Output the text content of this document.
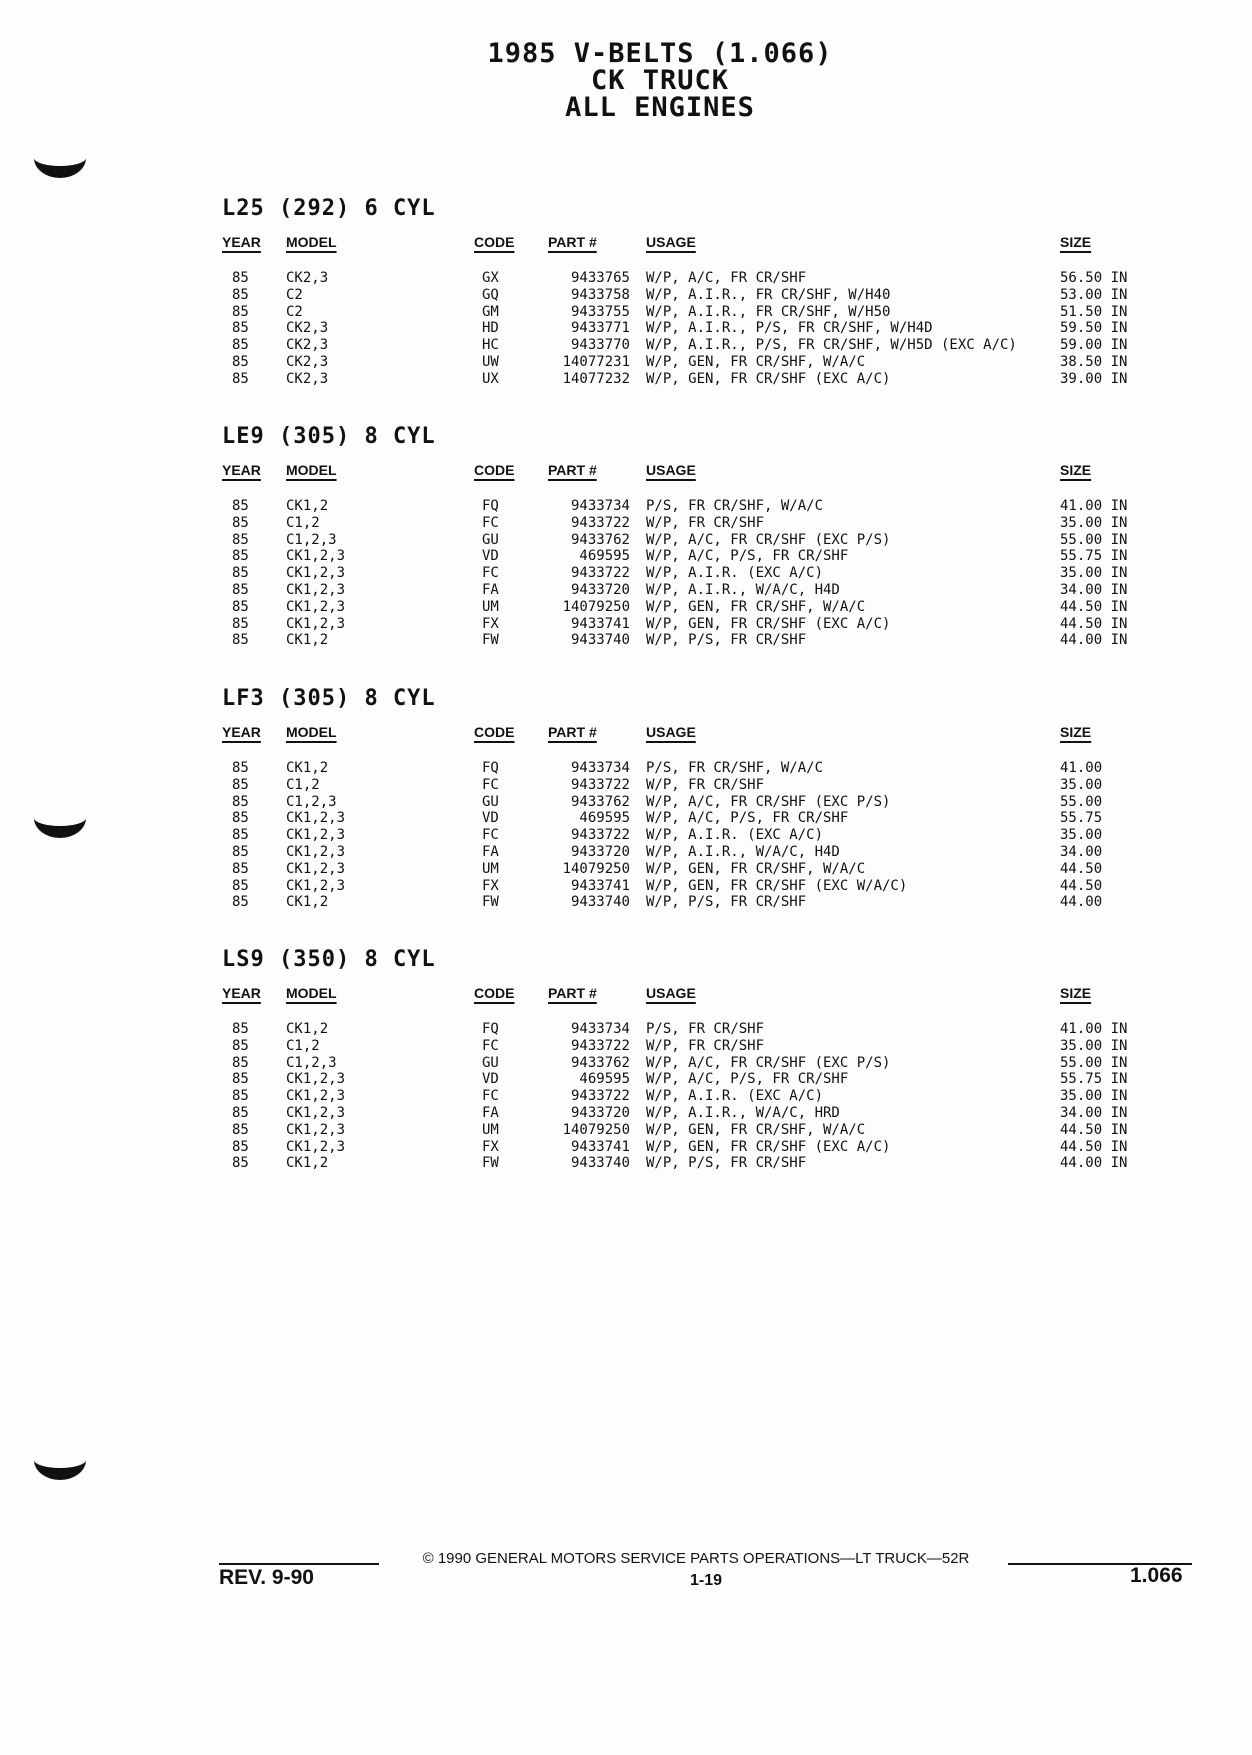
1985 V-BELTS (1.066)
CK TRUCK
ALL ENGINES
L25 (292) 6 CYL
YEAR MODEL	CODE PART #	USAGE	SIZE
85	CK2,3	GX	9433765 W/P, A/C, FR CR/SHF	56.50 IN
85	C2	GQ	9433758 W/P, A.I.R., FR CR/SHF, W/H40	53.00 IN
85	C2	GM	9433755 W/P, A.I.R., FR CR/SHF, W/H50	51.50 IN
85	CK2,3	HD	9433771 W/P, A.I.R., P/S, FR CR/SHF, W/H4D	59.50 IN
85	CK2,3	HC	9433770 W/P, A.I.R., P/S, FR CR/SHF, W/H5D (EXC A/C)	59.00 IN
85	CK2,3	UW	14077231 W/P, GEN, FR CR/SHF, W/A/C	38.50 IN
85	CK2,3	UX	14077232 W/P, GEN, FR CR/SHF (EXC A/C)	39.00 IN
LE9 (305) 8 CYL
YEAR MODEL	CODE PART #	USAGE	SIZE
85	CK1,2	FQ	9433734 P/S, FR CR/SHF, W/A/C	41.00 IN
85	C1,2	FC	9433722 W/P, FR CR/SHF	35.00 IN
85	C1,2,3	GU	9433762 W/P, A/C, FR CR/SHF (EXC P/S)	55.00 IN
85	CK1,2,3	VD	469595 W/P, A/C, P/S, FR CR/SHF	55.75 IN
85	CK1,2,3	FC	9433722 W/P, A.I.R. (EXC A/C)	35.00 IN
85	CK1,2,3	FA	9433720 W/P, A.I.R., W/A/C, H4D	34.00 IN
85	CK1,2,3	UM	14079250 W/P, GEN, FR CR/SHF, W/A/C	44.50 IN
85	CK1,2,3	FX	9433741 W/P, GEN, FR CR/SHF (EXC A/C)	44.50 IN
85	CK1,2	FW	9433740 W/P, P/S, FR CR/SHF	44.00 IN
LF3 (305) 8 CYL
YEAR MODEL	CODE PART #	USAGE	SIZE
85	CK1,2	FQ	9433734 P/S, FR CR/SHF, W/A/C	41.00
85	C1,2	FC	9433722 W/P, FR CR/SHF	35.00
85	C1,2,3	GU	9433762 W/P, A/C, FR CR/SHF (EXC P/S)	55.00
85	CK1,2,3	VD	469595 W/P, A/C, P/S, FR CR/SHF	55.75
85	CK1,2,3	FC	9433722 W/P, A.I.R. (EXC A/C)	35.00
85	CK1,2,3	FA	9433720 W/P, A.I.R., W/A/C, H4D	34.00
85	CK1,2,3	UM	14079250 W/P, GEN, FR CR/SHF, W/A/C	44.50
85	CK1,2,3	FX	9433741 W/P, GEN, FR CR/SHF (EXC W/A/C)	44.50
85	CK1,2	FW	9433740 W/P, P/S, FR CR/SHF	44.00
LS9 (350) 8 CYL
YEAR MODEL	CODE PART #	USAGE	SIZE
85	CK1,2	FQ	9433734 P/S, FR CR/SHF	41.00 IN
85	C1,2	FC	9433722 W/P, FR CR/SHF	35.00 IN
85	C1,2,3	GU	9433762 W/P, A/C, FR CR/SHF (EXC P/S)	55.00 IN
85	CK1,2,3	VD	469595 W/P, A/C, P/S, FR CR/SHF	55.75 IN
85	CK1,2,3	FC	9433722 W/P, A.I.R. (EXC A/C)	35.00 IN
85	CK1,2,3	FA	9433720 W/P, A.I.R., W/A/C, HRD	34.00 IN
85	CK1,2,3	UM	14079250 W/P, GEN, FR CR/SHF, W/A/C	44.50 IN
85	CK1,2,3	FX	9433741 W/P, GEN, FR CR/SHF (EXC A/C)	44.50 IN
85	CK1,2	FW	9433740 W/P, P/S, FR CR/SHF	44.00 IN
© 1990 GENERAL MOTORS SERVICE PARTS OPERATIONS—LT TRUCK—52R
1-19
REV. 9-90	1.066
